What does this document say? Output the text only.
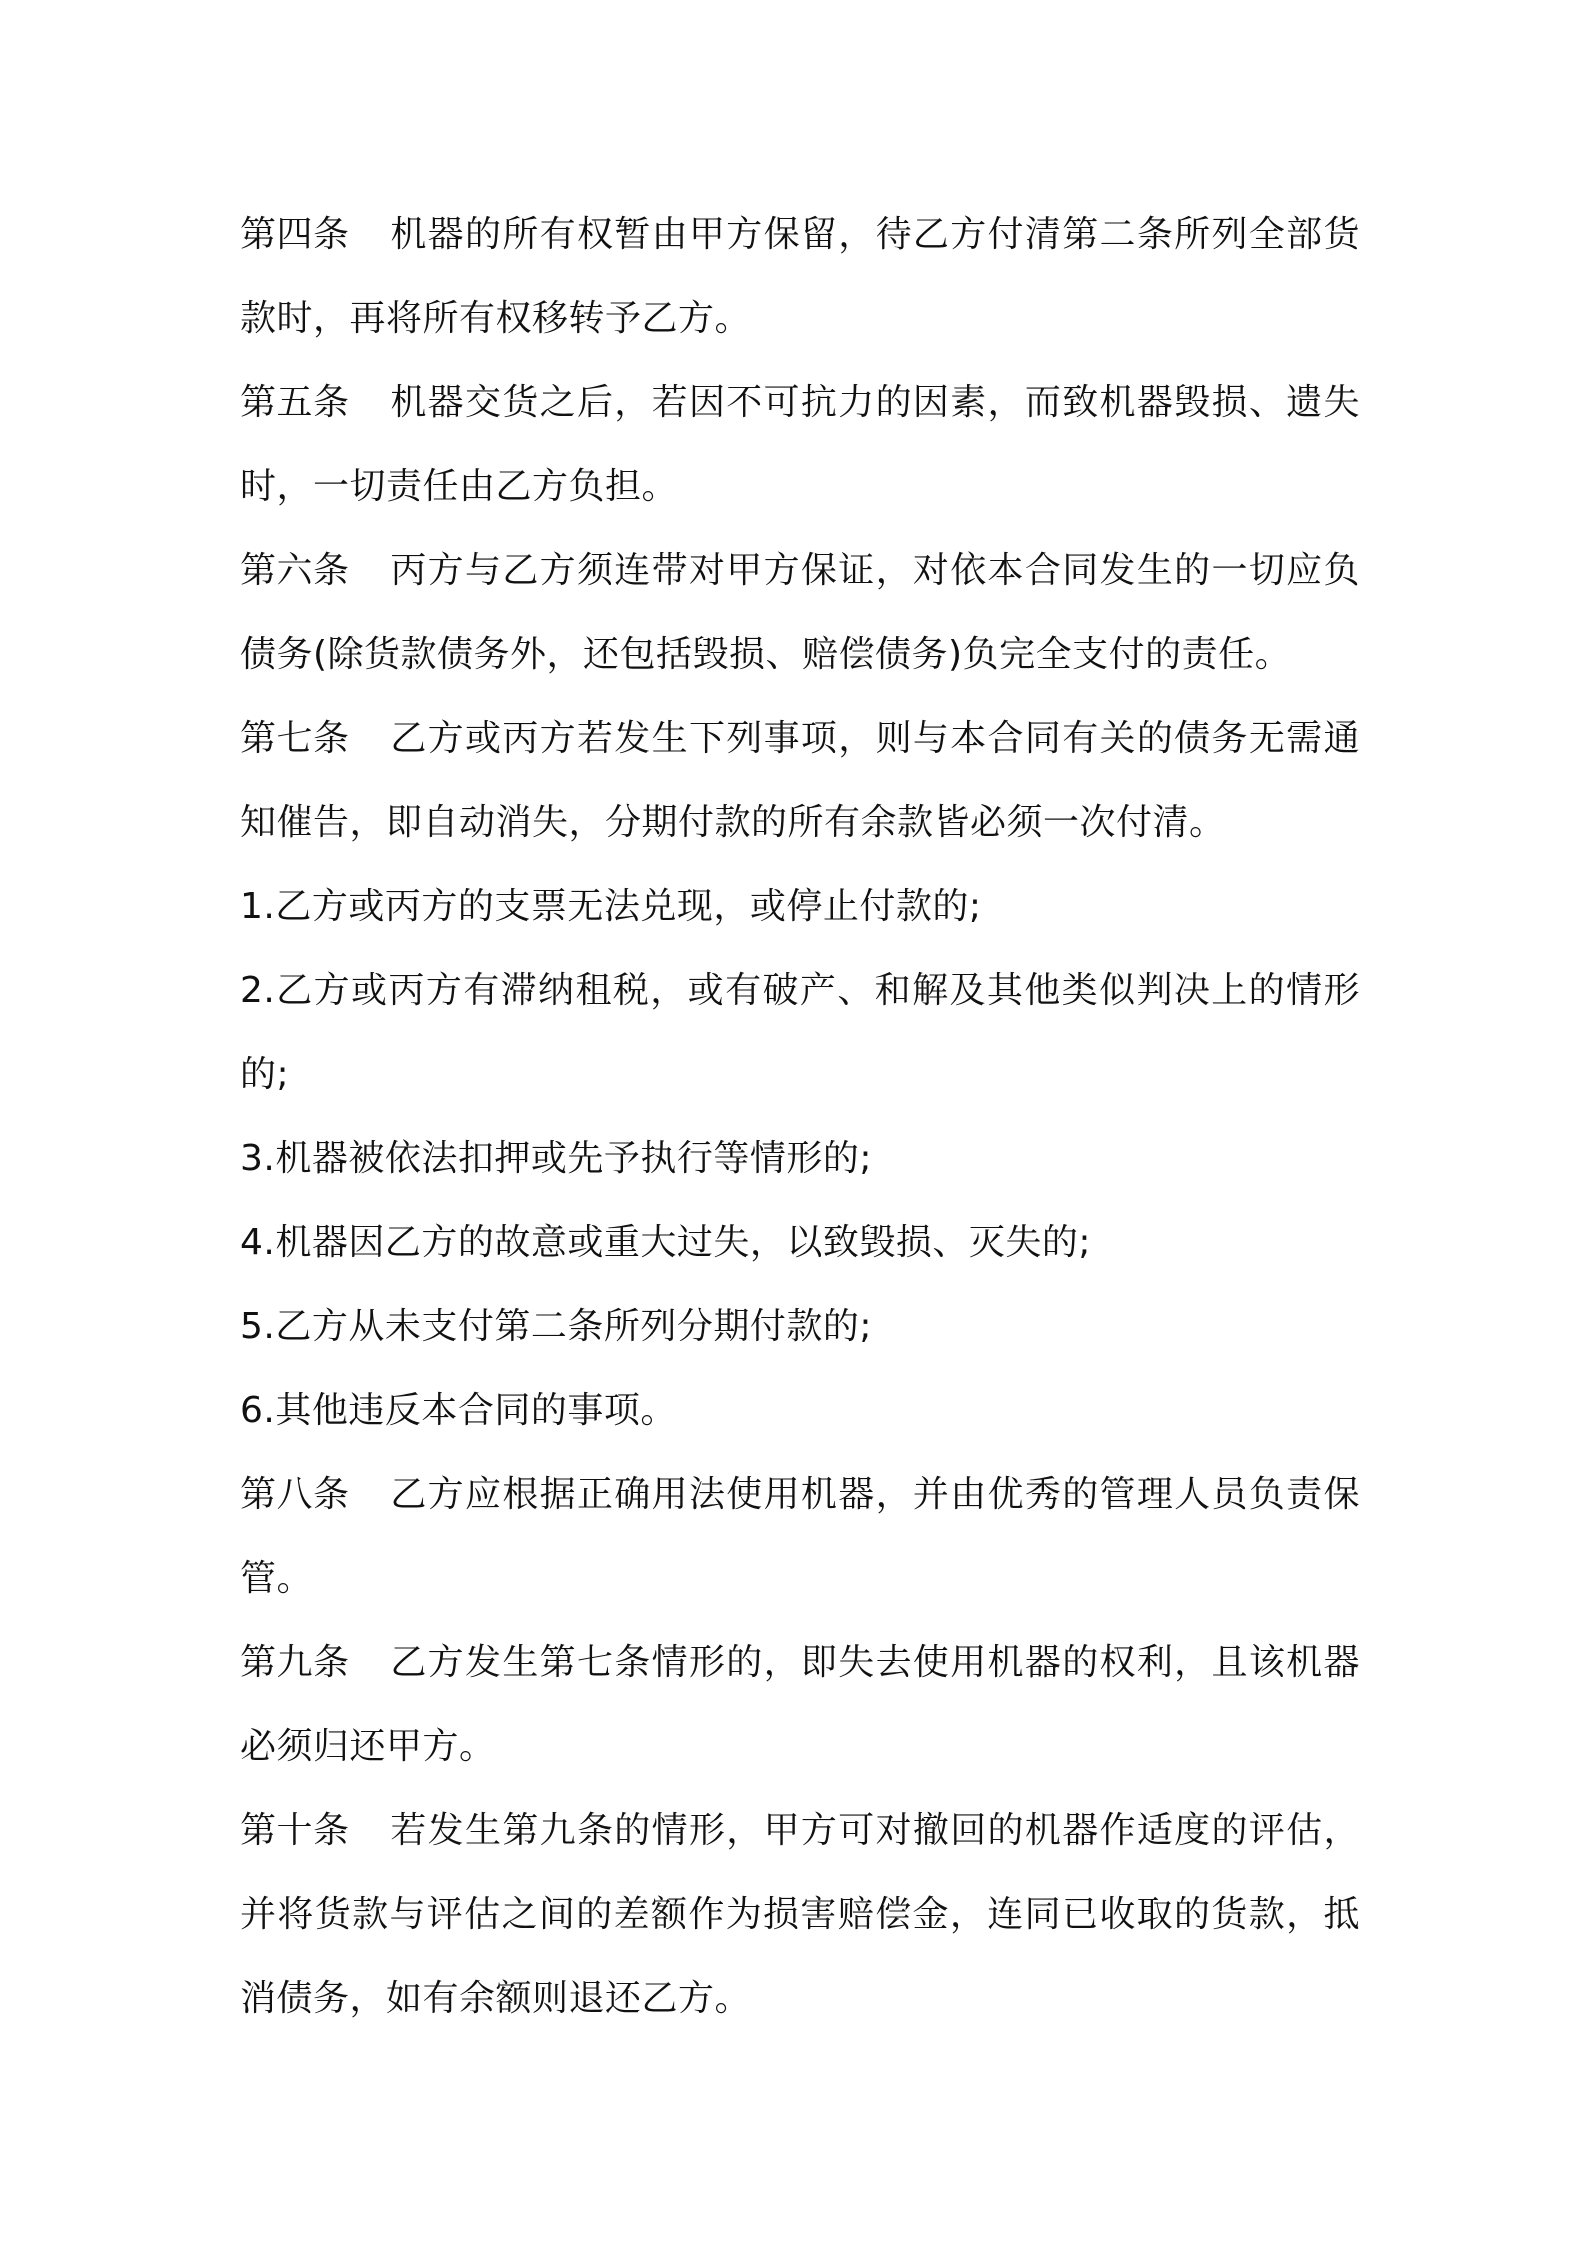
第四条 机器的所有权暂由甲方保留，待乙方付清第二条所列全部货款时，再将所有权移转予乙方。

第五条 机器交货之后，若因不可抗力的因素，而致机器毁损、遗失时，一切责任由乙方负担。

第六条 丙方与乙方须连带对甲方保证，对依本合同发生的一切应负债务(除货款债务外，还包括毁损、赔偿债务)负完全支付的责任。

第七条 乙方或丙方若发生下列事项，则与本合同有关的债务无需通知催告，即自动消失，分期付款的所有余款皆必须一次付清。

1.乙方或丙方的支票无法兑现，或停止付款的;

2.乙方或丙方有滞纳租税，或有破产、和解及其他类似判决上的情形的;

3.机器被依法扣押或先予执行等情形的;

4.机器因乙方的故意或重大过失，以致毁损、灭失的;

5.乙方从未支付第二条所列分期付款的;

6.其他违反本合同的事项。

第八条 乙方应根据正确用法使用机器，并由优秀的管理人员负责保管。

第九条 乙方发生第七条情形的，即失去使用机器的权利，且该机器必须归还甲方。

第十条 若发生第九条的情形，甲方可对撤回的机器作适度的评估，并将货款与评估之间的差额作为损害赔偿金，连同已收取的货款，抵消债务，如有余额则退还乙方。
